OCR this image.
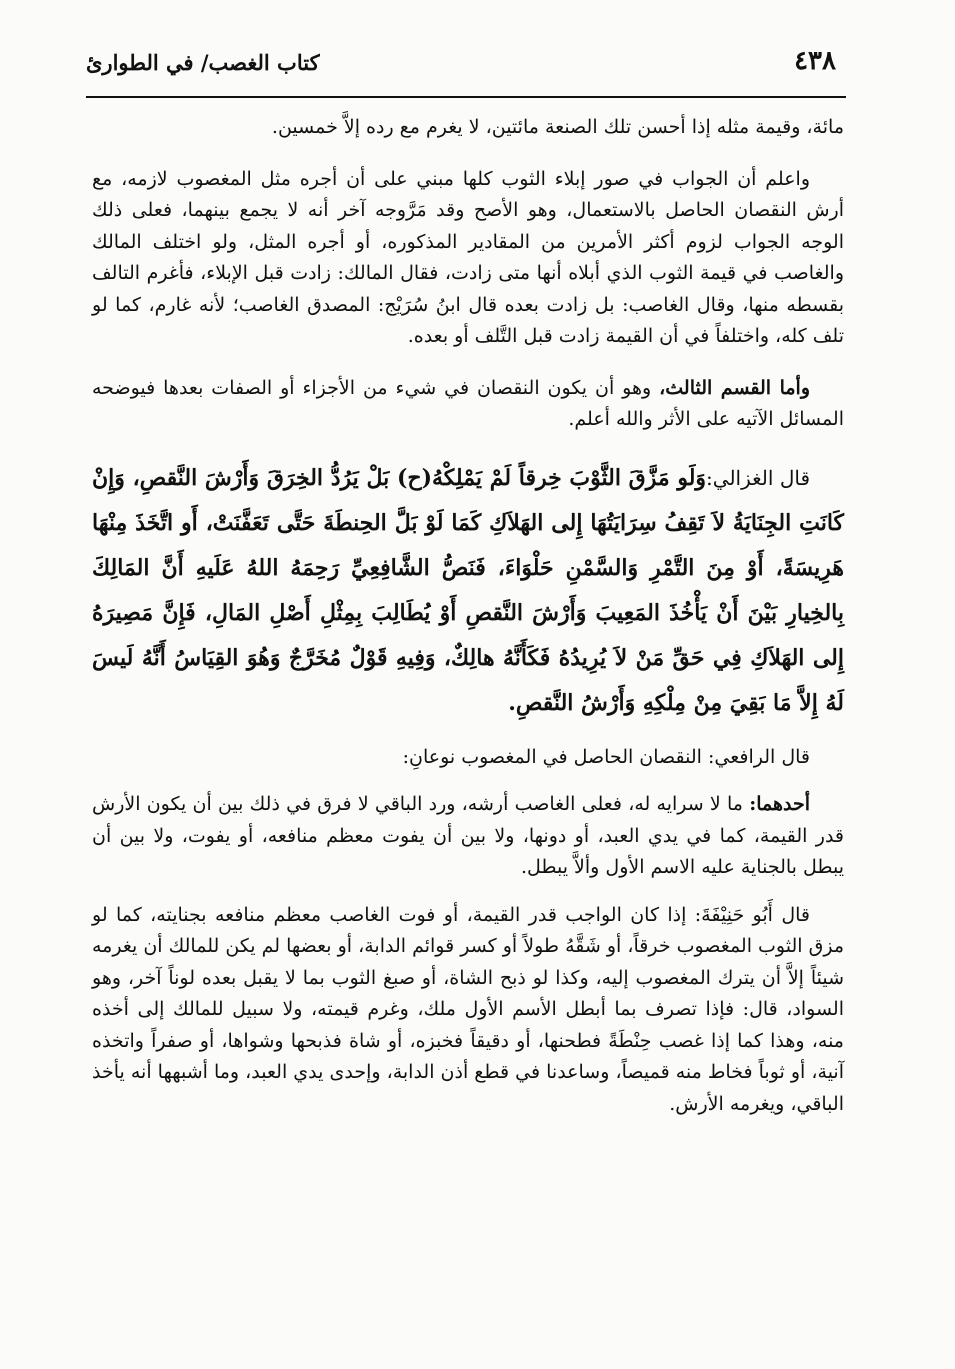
٤٣٨
كتاب الغصب/ في الطوارئ

مائة، وقيمة مثله إذا أحسن تلك الصنعة مائتين، لا يغرم مع رده إلاَّ خمسين.

واعلم أن الجواب في صور إبلاء الثوب كلها مبني على أن أجره مثل المغصوب لازمه، مع أرش النقصان الحاصل بالاستعمال، وهو الأصح وقد مَرَّوجه آخر أنه لا يجمع بينهما، فعلى ذلك الوجه الجواب لزوم أكثر الأمرين من المقادير المذكوره، أو أجره المثل، ولو اختلف المالك والغاصب في قيمة الثوب الذي أبلاه أنها متى زادت، فقال المالك: زادت قبل الإبلاء، فأغرم التالف بقسطه منها، وقال الغاصب: بل زادت بعده قال ابنُ سُرَيْج: المصدق الغاصب؛ لأنه غارم، كما لو تلف كله، واختلفاً في أن القيمة زادت قبل التَّلف أو بعده.

وأما القسم الثالث، وهو أن يكون النقصان في شيء من الأجزاء أو الصفات بعدها فيوضحه المسائل الآتيه على الأثر والله أعلم.

قال الغزالي:وَلَو مَزَّقَ الثَّوْبَ خِرقاً لَمْ يَمْلِكْهُ(ح) بَلْ يَرُدُّ الخِرَقَ وَأَرْشَ النَّقصِ، وَإِنْ كَانَتِ الجِنَايَةُ لاَ تَقِفُ سِرَايَتُهَا إِلى الهَلاَكِ كَمَا لَوْ بَلَّ الحِنطَةَ حَتَّى تَعَفَّنَتْ، أَو اتَّخَذَ مِنْهَا هَرِيسَةً، أَوْ مِنَ التَّمْرِ وَالسَّمْنِ حَلْوَاءَ، فَنَصُّ الشَّافِعِيِّ رَحِمَهُ اللهُ عَلَيهِ أَنَّ المَالِكَ بِالخِيارِ بَيْنَ أَنْ يَأْخُذَ المَعِيبَ وَأَرْشَ النَّقصِ أَوْ يُطَالِبَ بِمِثْلِ أَصْلِ المَالِ، فَإِنَّ مَصِيرَهُ إِلى الهَلاَكِ فِي حَقِّ مَنْ لاَ يُرِيدُهُ فَكَأَنَّهُ هالِكٌ، وَفِيهِ قَوْلٌ مُخَرَّجٌ وَهُوَ القِيَاسُ أَنَّهُ لَيسَ لَهُ إِلاَّ مَا بَقِيَ مِنْ مِلْكِهِ وَأَرْشُ النَّقصِ.

قال الرافعي: النقصان الحاصل في المغصوب نوعانِ:

أحدهما: ما لا سرايه له، فعلى الغاصب أرشه، ورد الباقي لا فرق في ذلك بين أن يكون الأرش قدر القيمة، كما في يدي العبد، أو دونها، ولا بين أن يفوت معظم منافعه، أو يفوت، ولا بين أن يبطل بالجناية عليه الاسم الأول وألاَّ يبطل.

قال أَبُو حَنِيْفَةَ: إذا كان الواجب قدر القيمة، أو فوت الغاصب معظم منافعه بجنايته، كما لو مزق الثوب المغصوب خرقاً، أو شَقَّهُ طولاً أو كسر قوائم الدابة، أو بعضها لم يكن للمالك أن يغرمه شيئاً إلاَّ أن يترك المغصوب إليه، وكذا لو ذبح الشاة، أو صبغ الثوب بما لا يقبل بعده لوناً آخر، وهو السواد، قال: فإذا تصرف بما أبطل الأسم الأول ملك، وغرم قيمته، ولا سبيل للمالك إلى أخذه منه، وهذا كما إذا غصب حِنْطَةً فطحنها، أو دقيقاً فخبزه، أو شاة فذبحها وشواها، أو صفراً واتخذه آنية، أو ثوباً فخاط منه قميصاً، وساعدنا في قطع أذن الدابة، وإحدى يدي العبد، وما أشبهها أنه يأخذ الباقي، ويغرمه الأرش.
